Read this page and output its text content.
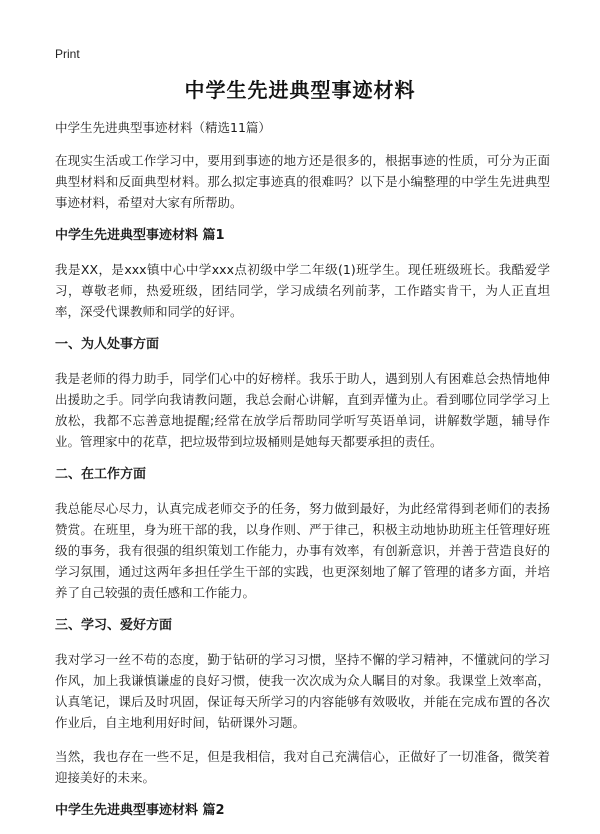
Print
中学生先进典型事迹材料
中学生先进典型事迹材料（精选11篇）

在现实生活或工作学习中，要用到事迹的地方还是很多的，根据事迹的性质，可分为正面典型材料和反面典型材料。那么拟定事迹真的很难吗？以下是小编整理的中学生先进典型事迹材料，希望对大家有所帮助。

中学生先进典型事迹材料 篇1

我是XX，是xxx镇中心中学xxx点初级中学二年级(1)班学生。现任班级班长。我酷爱学习，尊敬老师，热爱班级，团结同学，学习成绩名列前茅，工作踏实肯干，为人正直坦率，深受代课教师和同学的好评。

一、为人处事方面

我是老师的得力助手，同学们心中的好榜样。我乐于助人，遇到别人有困难总会热情地伸出援助之手。同学向我请教问题，我总会耐心讲解，直到弄懂为止。看到哪位同学学习上放松，我都不忘善意地提醒;经常在放学后帮助同学听写英语单词，讲解数学题，辅导作业。管理家中的花草，把垃圾带到垃圾桶则是她每天都要承担的责任。

二、在工作方面

我总能尽心尽力，认真完成老师交予的任务，努力做到最好，为此经常得到老师们的表扬赞赏。在班里，身为班干部的我，以身作则、严于律己，积极主动地协助班主任管理好班级的事务，我有很强的组织策划工作能力，办事有效率，有创新意识，并善于营造良好的学习氛围，通过这两年多担任学生干部的实践，也更深刻地了解了管理的诸多方面，并培养了自己较强的责任感和工作能力。

三、学习、爱好方面

我对学习一丝不苟的态度，勤于钻研的学习习惯，坚持不懈的学习精神，不懂就问的学习作风，加上我谦慎谦虚的良好习惯，使我一次次成为众人瞩目的对象。我课堂上效率高，认真笔记，课后及时巩固，保证每天所学习的内容能够有效吸收，并能在完成布置的各次作业后，自主地利用好时间，钻研课外习题。

当然，我也存在一些不足，但是我相信，我对自己充满信心，正做好了一切准备，微笑着迎接美好的未来。

中学生先进典型事迹材料 篇2
